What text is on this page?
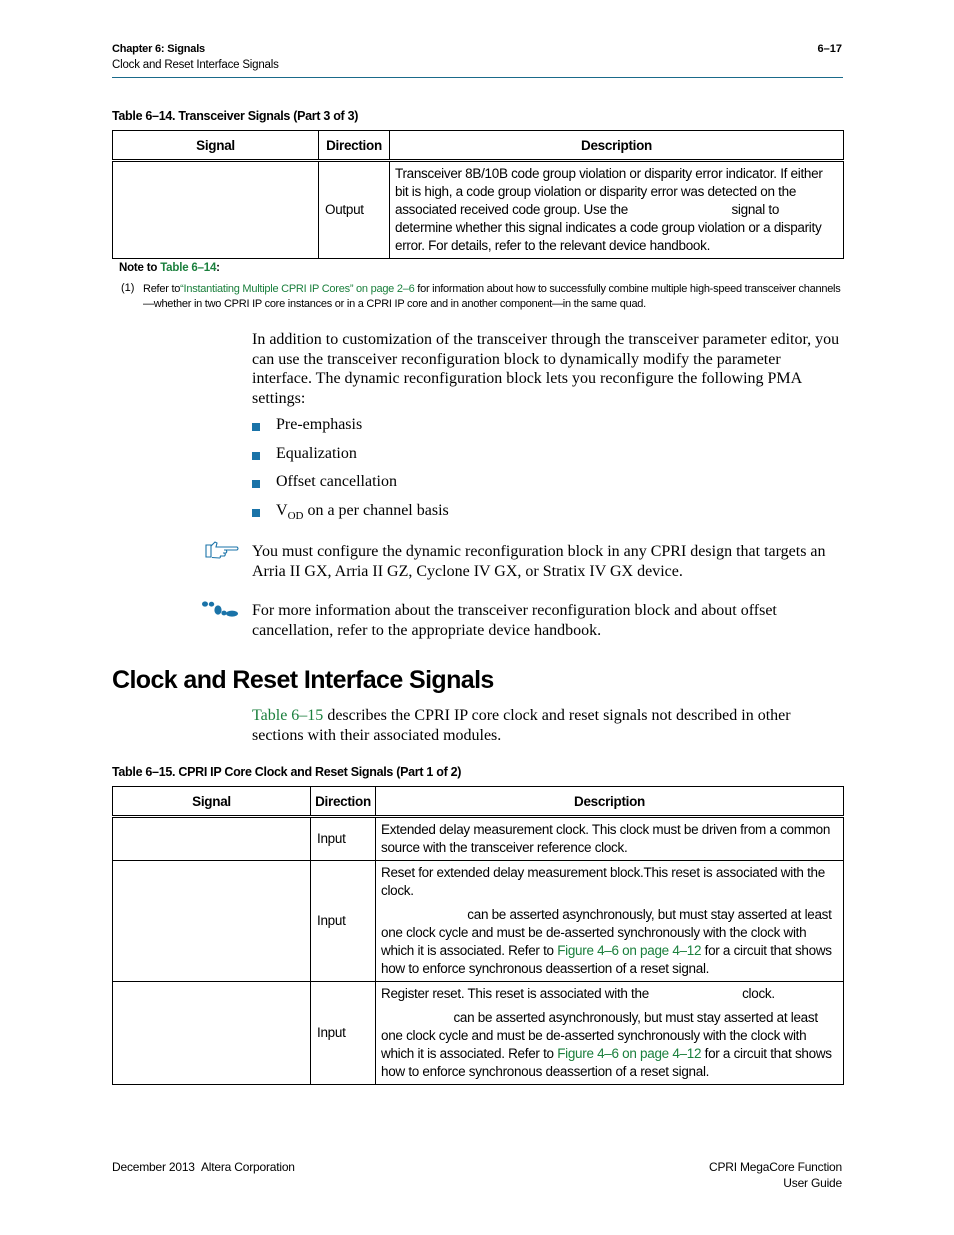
Chapter 6: Signals
Clock and Reset Interface Signals
6–17
Table 6–14. Transceiver Signals (Part 3 of 3)
Signal	Direction	Description
	Output	Transceiver 8B/10B code group violation or disparity error indicator. If either bit is high, a code group violation or disparity error was detected on the associated received code group. Use the                              signal to determine whether this signal indicates a code group violation or a disparity error. For details, refer to the relevant device handbook.
Note to Table 6–14:
(1) Refer to“Instantiating Multiple CPRI IP Cores” on page 2–6 for information about how to successfully combine multiple high-speed transceiver channels—whether in two CPRI IP core instances or in a CPRI IP core and in another component—in the same quad.
In addition to customization of the transceiver through the transceiver parameter editor, you can use the transceiver reconfiguration block to dynamically modify the parameter interface. The dynamic reconfiguration block lets you reconfigure the following PMA settings:
Pre-emphasis
Equalization
Offset cancellation
$V_{OD}$ on a per channel basis
You must configure the dynamic reconfiguration block in any CPRI design that targets an Arria II GX, Arria II GZ, Cyclone IV GX, or Stratix IV GX device.
For more information about the transceiver reconfiguration block and about offset cancellation, refer to the appropriate device handbook.
Clock and Reset Interface Signals
Table 6–15 describes the CPRI IP core clock and reset signals not described in other sections with their associated modules.
Table 6–15. CPRI IP Core Clock and Reset Signals (Part 1 of 2)
Signal	Direction	Description
	Input	Extended delay measurement clock. This clock must be driven from a common source with the transceiver reference clock.
	Input	Reset for extended delay measurement block.This reset is associated with the                         clock.
can be asserted asynchronously, but must stay asserted at least one clock cycle and must be de-asserted synchronously with the clock with which it is associated. Refer to Figure 4–6 on page 4–12 for a circuit that shows how to enforce synchronous deassertion of a reset signal.

	Input	Register reset. This reset is associated with the                           clock.
can be asserted asynchronously, but must stay asserted at least one clock cycle and must be de-asserted synchronously with the clock with which it is associated. Refer to Figure 4–6 on page 4–12 for a circuit that shows how to enforce synchronous deassertion of a reset signal.
December 2013 Altera Corporation	CPRI MegaCore Function
User Guide
